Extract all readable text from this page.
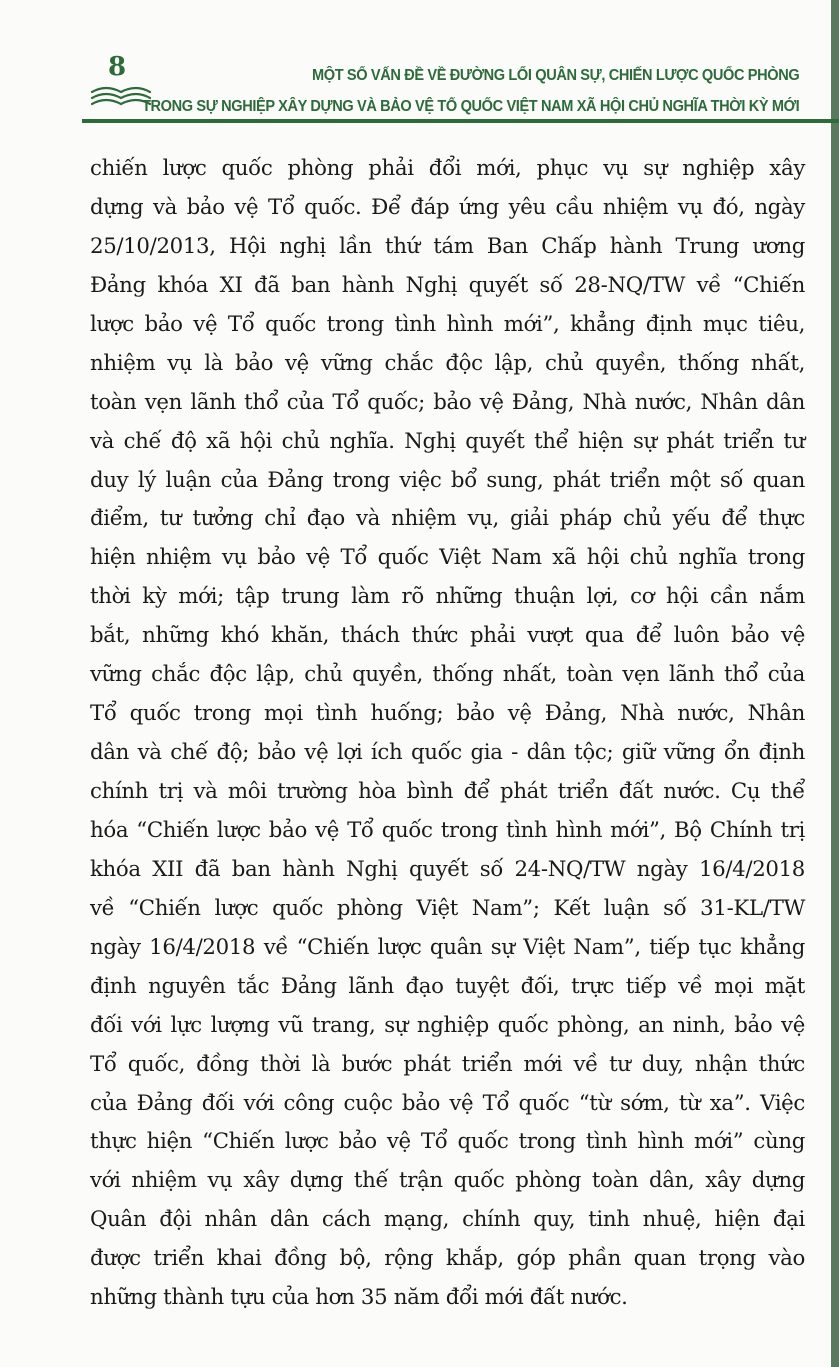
8	MỘT SỐ VẤN ĐỀ VỀ ĐƯỜNG LỐI QUÂN SỰ, CHIẾN LƯỢC QUỐC PHÒNG
TRONG SỰ NGHIỆP XÂY DỰNG VÀ BẢO VỆ TỔ QUỐC VIỆT NAM XÃ HỘI CHỦ NGHĨA THỜI KỲ MỚI
chiến lược quốc phòng phải đổi mới, phục vụ sự nghiệp xây
dựng và bảo vệ Tổ quốc. Để đáp ứng yêu cầu nhiệm vụ đó, ngày
25/10/2013, Hội nghị lần thứ tám Ban Chấp hành Trung ương
Đảng khóa XI đã ban hành Nghị quyết số 28-NQ/TW về “Chiến
lược bảo vệ Tổ quốc trong tình hình mới”, khẳng định mục tiêu,
nhiệm vụ là bảo vệ vững chắc độc lập, chủ quyền, thống nhất,
toàn vẹn lãnh thổ của Tổ quốc; bảo vệ Đảng, Nhà nước, Nhân dân
và chế độ xã hội chủ nghĩa. Nghị quyết thể hiện sự phát triển tư
duy lý luận của Đảng trong việc bổ sung, phát triển một số quan
điểm, tư tưởng chỉ đạo và nhiệm vụ, giải pháp chủ yếu để thực
hiện nhiệm vụ bảo vệ Tổ quốc Việt Nam xã hội chủ nghĩa trong
thời kỳ mới; tập trung làm rõ những thuận lợi, cơ hội cần nắm
bắt, những khó khăn, thách thức phải vượt qua để luôn bảo vệ
vững chắc độc lập, chủ quyền, thống nhất, toàn vẹn lãnh thổ của
Tổ quốc trong mọi tình huống; bảo vệ Đảng, Nhà nước, Nhân
dân và chế độ; bảo vệ lợi ích quốc gia - dân tộc; giữ vững ổn định
chính trị và môi trường hòa bình để phát triển đất nước. Cụ thể
hóa “Chiến lược bảo vệ Tổ quốc trong tình hình mới”, Bộ Chính trị
khóa XII đã ban hành Nghị quyết số 24-NQ/TW ngày 16/4/2018
về “Chiến lược quốc phòng Việt Nam”; Kết luận số 31-KL/TW
ngày 16/4/2018 về “Chiến lược quân sự Việt Nam”, tiếp tục khẳng
định nguyên tắc Đảng lãnh đạo tuyệt đối, trực tiếp về mọi mặt
đối với lực lượng vũ trang, sự nghiệp quốc phòng, an ninh, bảo vệ
Tổ quốc, đồng thời là bước phát triển mới về tư duy, nhận thức
của Đảng đối với công cuộc bảo vệ Tổ quốc “từ sớm, từ xa”. Việc
thực hiện “Chiến lược bảo vệ Tổ quốc trong tình hình mới” cùng
với nhiệm vụ xây dựng thế trận quốc phòng toàn dân, xây dựng
Quân đội nhân dân cách mạng, chính quy, tinh nhuệ, hiện đại
được triển khai đồng bộ, rộng khắp, góp phần quan trọng vào
những thành tựu của hơn 35 năm đổi mới đất nước.
